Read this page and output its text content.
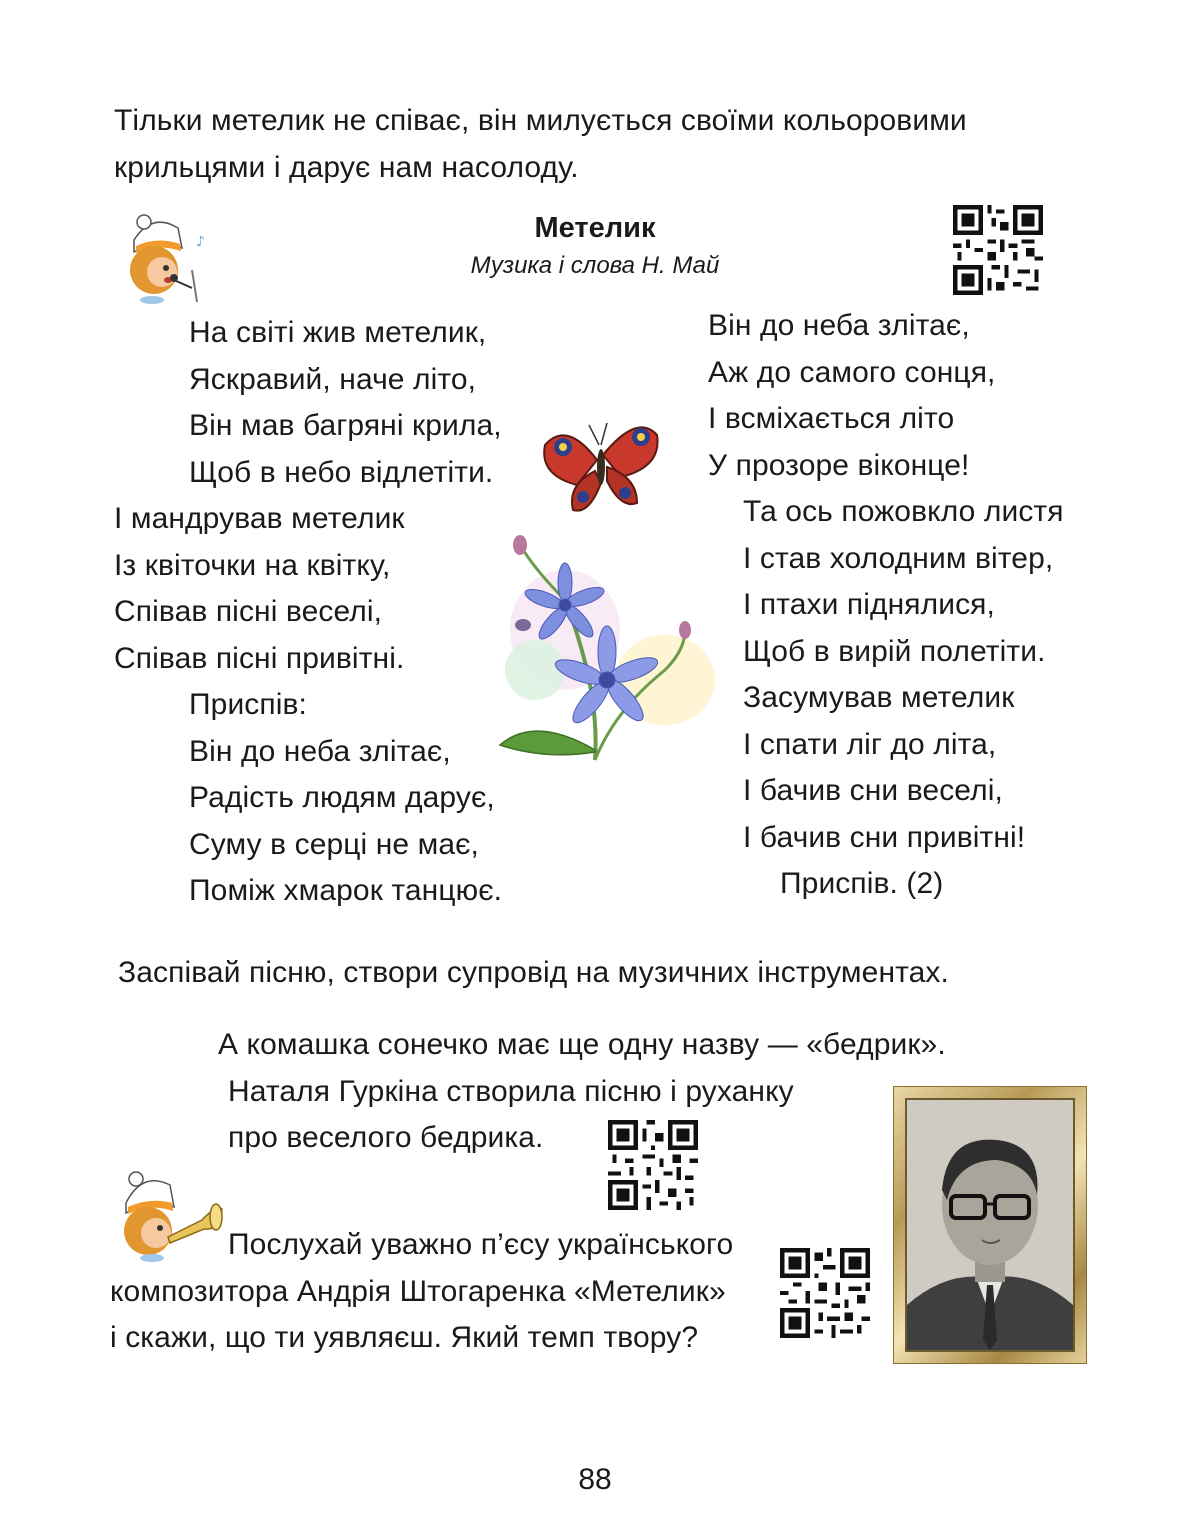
Тільки метелик не співає, він милується своїми кольоровими
крильцями і дарує нам насолоду.
♪	Метелик
Музика і слова Н. Май
На світі жив метелик,
Яскравий, наче літо,
Він мав багряні крила,
Щоб в небо відлетіти.
І мандрував метелик
Із квіточки на квітку,
Співав пісні веселі,
Співав пісні привітні.
Приспів:
Він до неба злітає,
Радість людям дарує,
Суму в серці не має,
Поміж хмарок танцює.
Він до неба злітає,
Аж до самого сонця,
І всміхається літо
У прозоре віконце!
Та ось пожовкло листя
І став холодним вітер,
І птахи піднялися,
Щоб в вирій полетіти.
Засумував метелик
І спати ліг до літа,
І бачив сни веселі,
І бачив сни привітні!
Приспів. (2)
Заспівай пісню, створи супровід на музичних інструментах.
А комашка сонечко має ще одну назву — «бедрик».
Наталя Гуркіна створила пісню і руханку
про веселого бедрика.
Послухай уважно п’єсу українського
композитора Андрія Штогаренка «Метелик»
і скажи, що ти уявляєш. Який темп твору?
88
